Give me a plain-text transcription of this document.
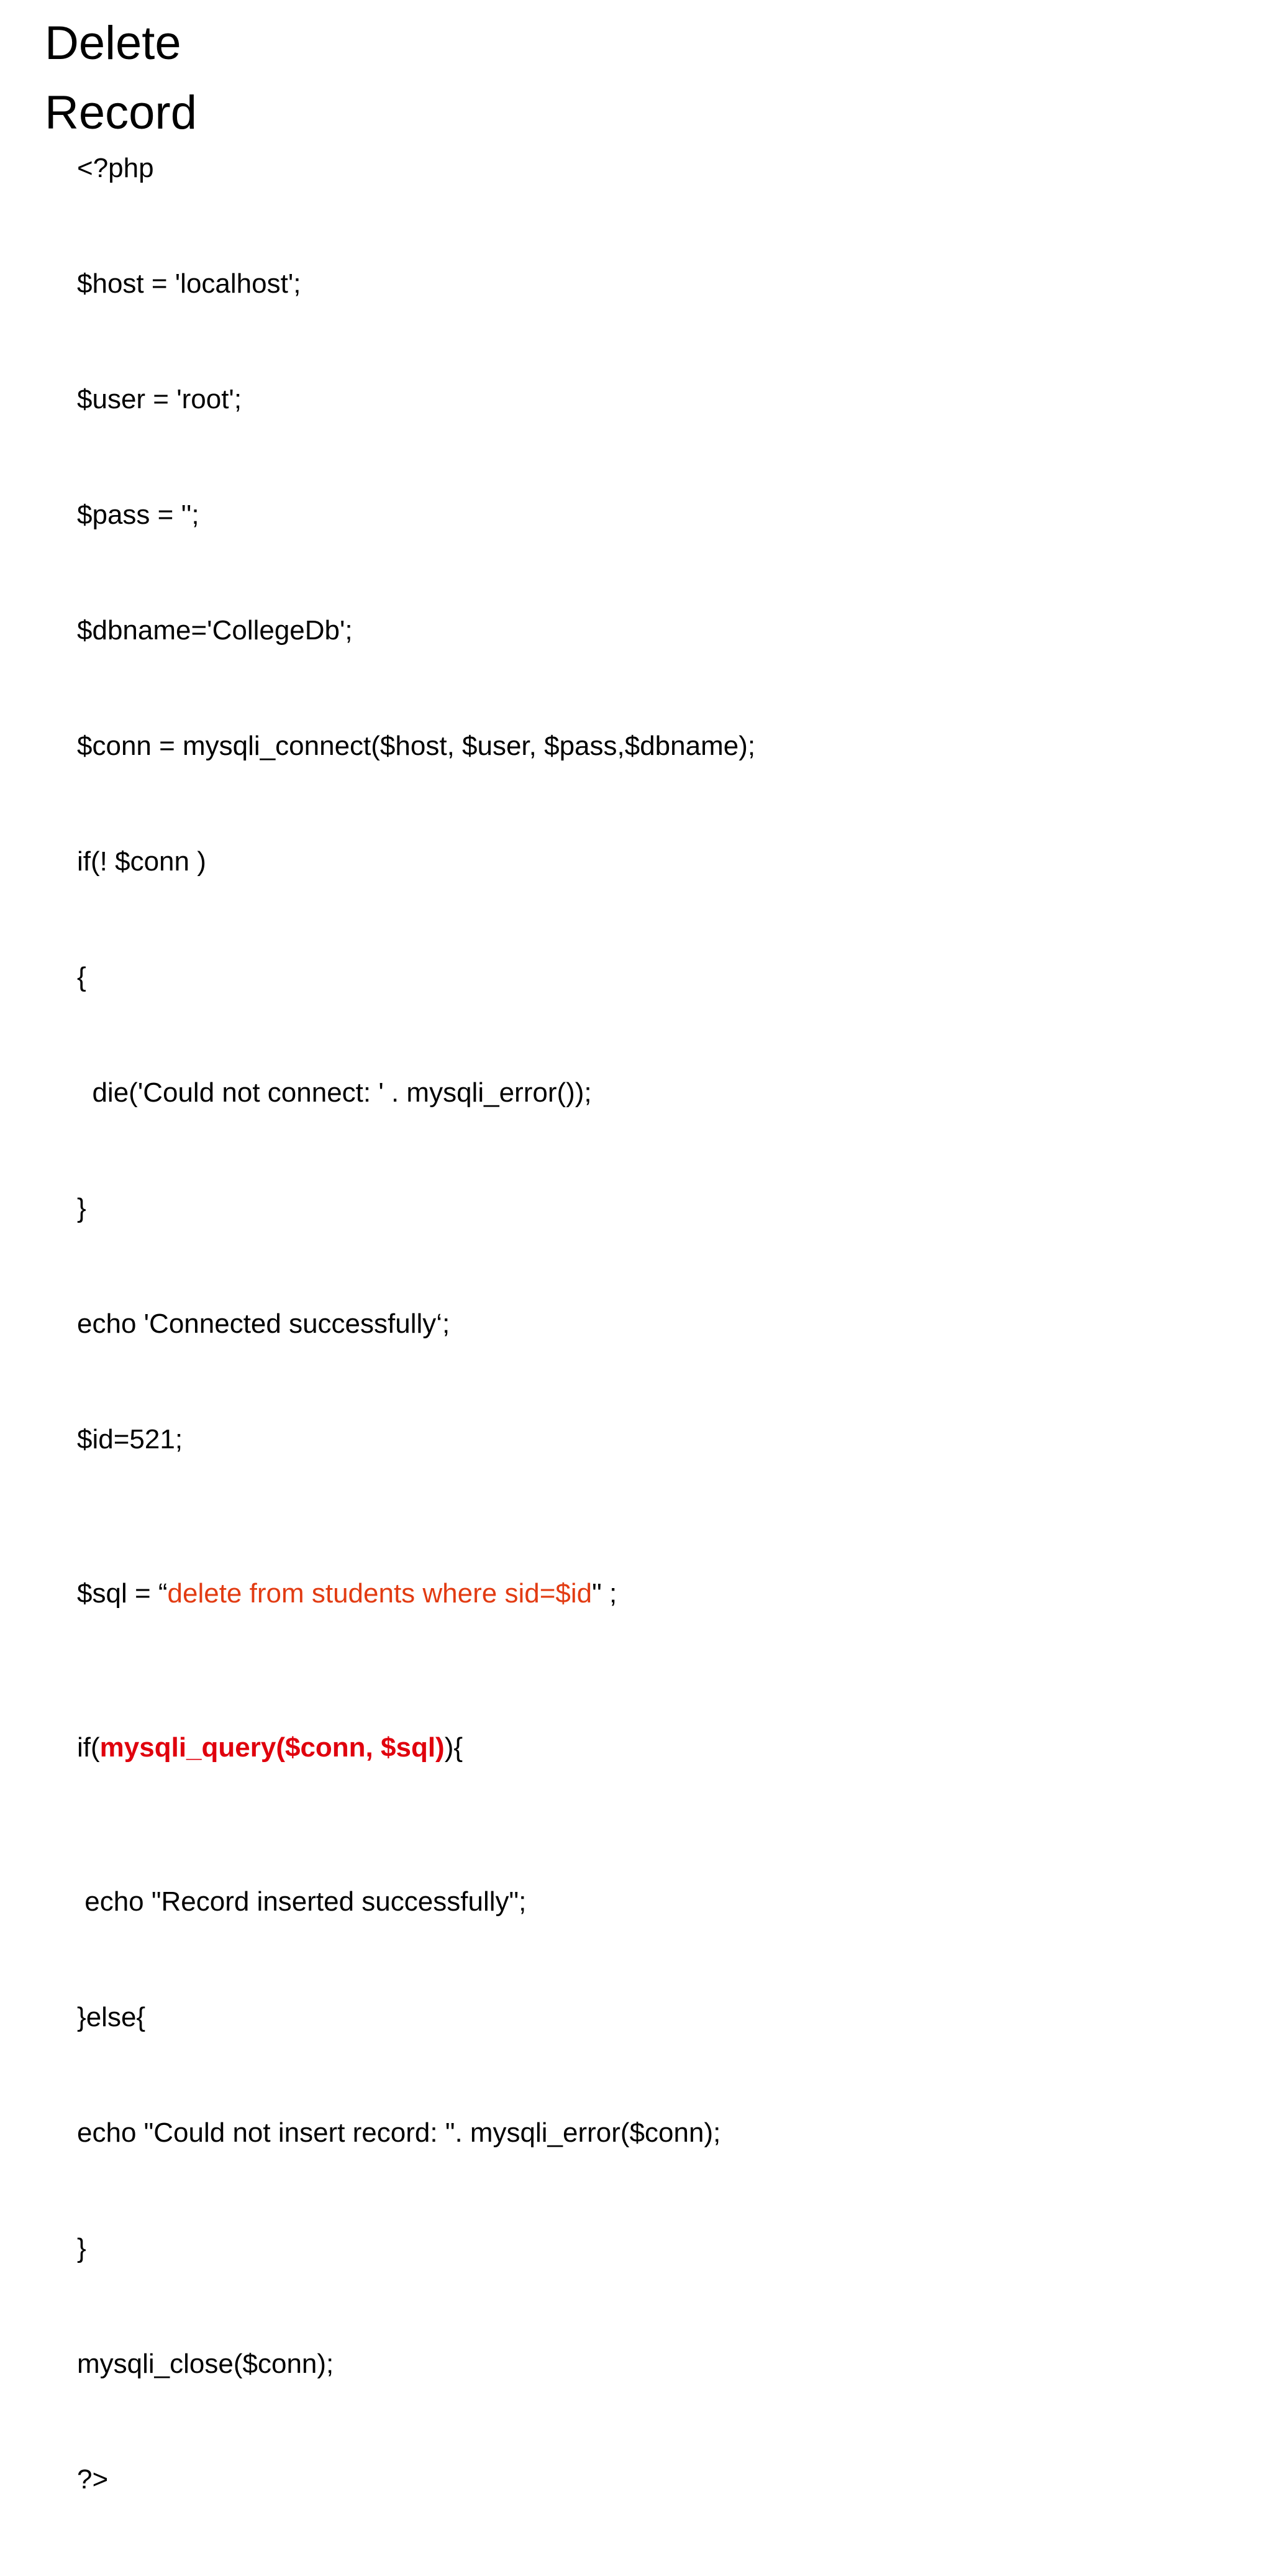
Delete Record

<?php

$host = 'localhost';

$user = 'root';

$pass = '';

$dbname='CollegeDb';

$conn = mysqli_connect($host, $user, $pass,$dbname);

if(! $conn )

{

die('Could not connect: ' . mysqli_error());

}

echo 'Connected successfully‘;

$id=521;

$sql = “delete from students where sid=$id" ;

if(mysqli_query($conn, $sql)){

echo "Record inserted successfully";

}else{

echo "Could not insert record: ". mysqli_error($conn);

}

mysqli_close($conn);

?>
